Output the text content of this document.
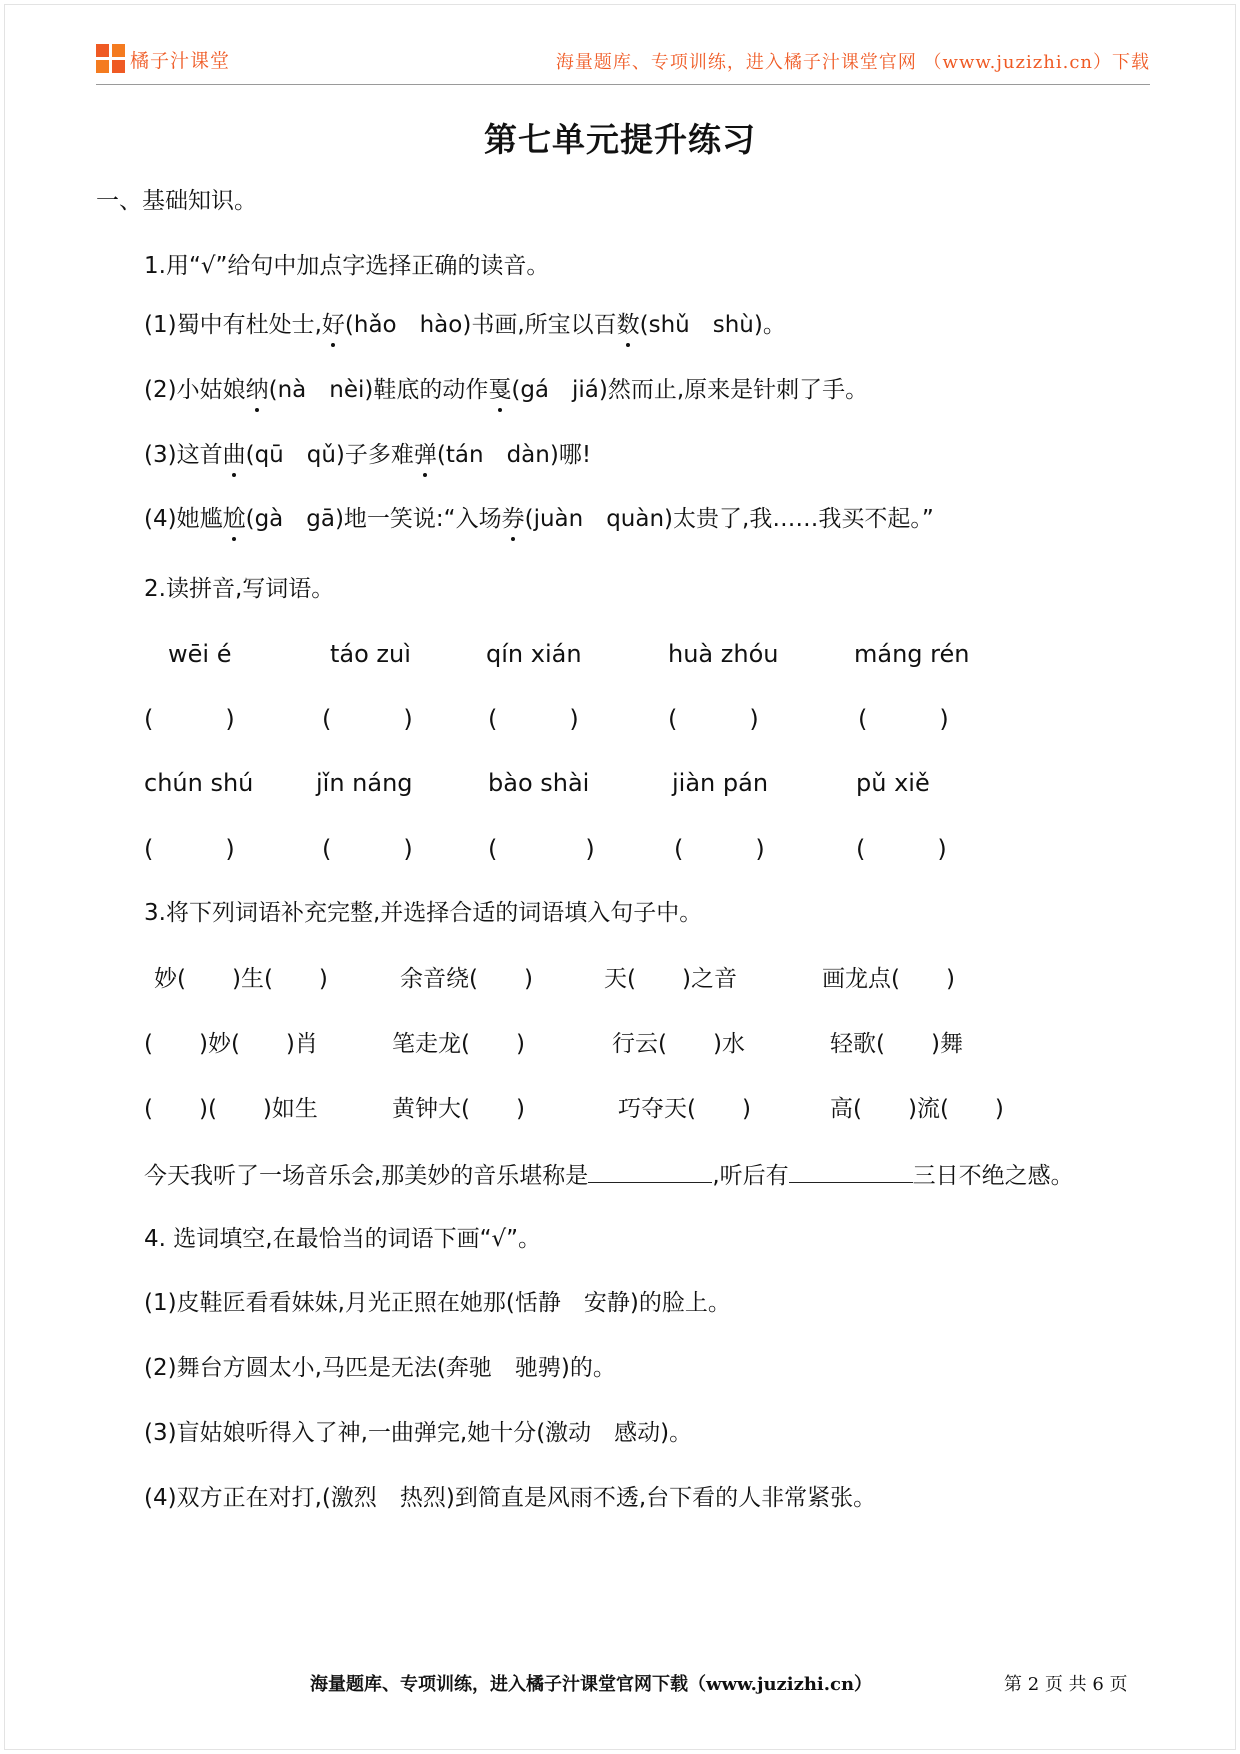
橘子汁课堂	海量题库、专项训练，进入橘子汁课堂官网 （www.juzizhi.cn）下载
第七单元提升练习
一、基础知识。
1.用“√”给句中加点字选择正确的读音。
(1)蜀中有杜处士,好(hǎo　hào)书画,所宝以百数(shǔ　shù)。
(2)小姑娘纳(nà　nèi)鞋底的动作戛(gá　jiá)然而止,原来是针刺了手。
(3)这首曲(qū　qǔ)子多难弹(tán　dàn)哪!
(4)她尴尬(gà　gā)地一笑说:“入场券(juàn　quàn)太贵了,我……我买不起。”
2.读拼音,写词语。
wēi é	táo zuì	qín xián	huà zhóu	máng rén
(	)	(	)	(	)	(	)	(	)
chún shú	jǐn náng	bào shài	jiàn pán	pǔ xiě
(	)	(	)	(	)	(	)	(	)
3.将下列词语补充完整,并选择合适的词语填入句子中。
妙(　　)生(　　)	余音绕(　　)	天(　　)之音	画龙点(　　)
(　　)妙(　　)肖	笔走龙(　　)	行云(　　)水	轻歌(　　)舞
(　　)(　　)如生	黄钟大(　　)	巧夺天(　　)	高(　　)流(　　)
今天我听了一场音乐会,那美妙的音乐堪称是	,听后有	三日不绝之感。
4. 选词填空,在最恰当的词语下画“√”。
(1)皮鞋匠看看妹妹,月光正照在她那(恬静　安静)的脸上。
(2)舞台方圆太小,马匹是无法(奔驰　驰骋)的。
(3)盲姑娘听得入了神,一曲弹完,她十分(激动　感动)。
(4)双方正在对打,(激烈　热烈)到简直是风雨不透,台下看的人非常紧张。
海量题库、专项训练，进入橘子汁课堂官网下载（www.juzizhi.cn）	第 2 页 共 6 页
